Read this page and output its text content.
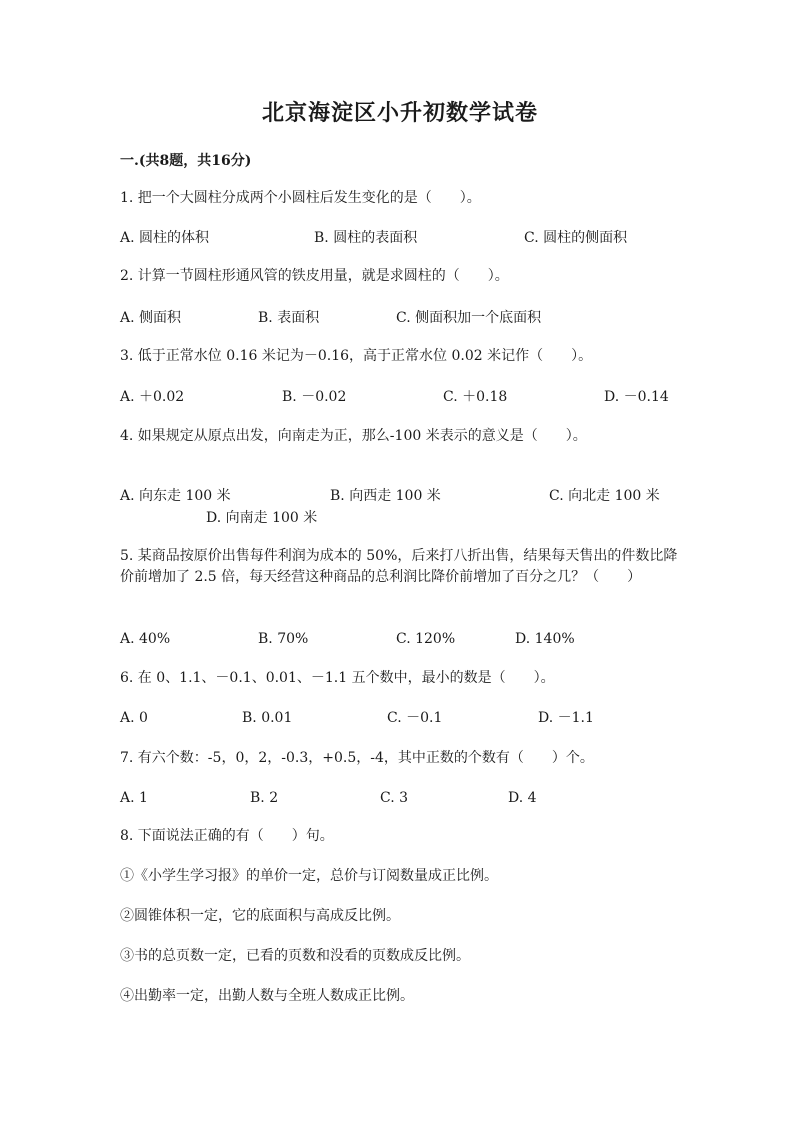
北京海淀区小升初数学试卷
一.(共8题，共16分)
1. 把一个大圆柱分成两个小圆柱后发生变化的是（　　）。
A. 圆柱的体积	B. 圆柱的表面积	C. 圆柱的侧面积
2. 计算一节圆柱形通风管的铁皮用量，就是求圆柱的（　　）。
A. 侧面积	B. 表面积	C. 侧面积加一个底面积
3. 低于正常水位 0.16 米记为－0.16，高于正常水位 0.02 米记作（　　）。
A. ＋0.02	B. －0.02	C. ＋0.18	D. －0.14
4. 如果规定从原点出发，向南走为正，那么-100 米表示的意义是（　　）。
A. 向东走 100 米	B. 向西走 100 米	C. 向北走 100 米
D. 向南走 100 米
5. 某商品按原价出售每件利润为成本的 50%，后来打八折出售，结果每天售出的件数比降价前增加了 2.5 倍，每天经营这种商品的总利润比降价前增加了百分之几？（　　）
A. 40%	B. 70%	C. 120%	D. 140%
6. 在 0、1.1、－0.1、0.01、－1.1 五个数中，最小的数是（　　）。
A. 0	B. 0.01	C. －0.1	D. －1.1
7. 有六个数：-5，0，2，-0.3，+0.5，-4，其中正数的个数有（　　）个。
A. 1	B. 2	C. 3	D. 4
8. 下面说法正确的有（　　）句。
①《小学生学习报》的单价一定，总价与订阅数量成正比例。
②圆锥体积一定，它的底面积与高成反比例。
③书的总页数一定，已看的页数和没看的页数成反比例。
④出勤率一定，出勤人数与全班人数成正比例。
